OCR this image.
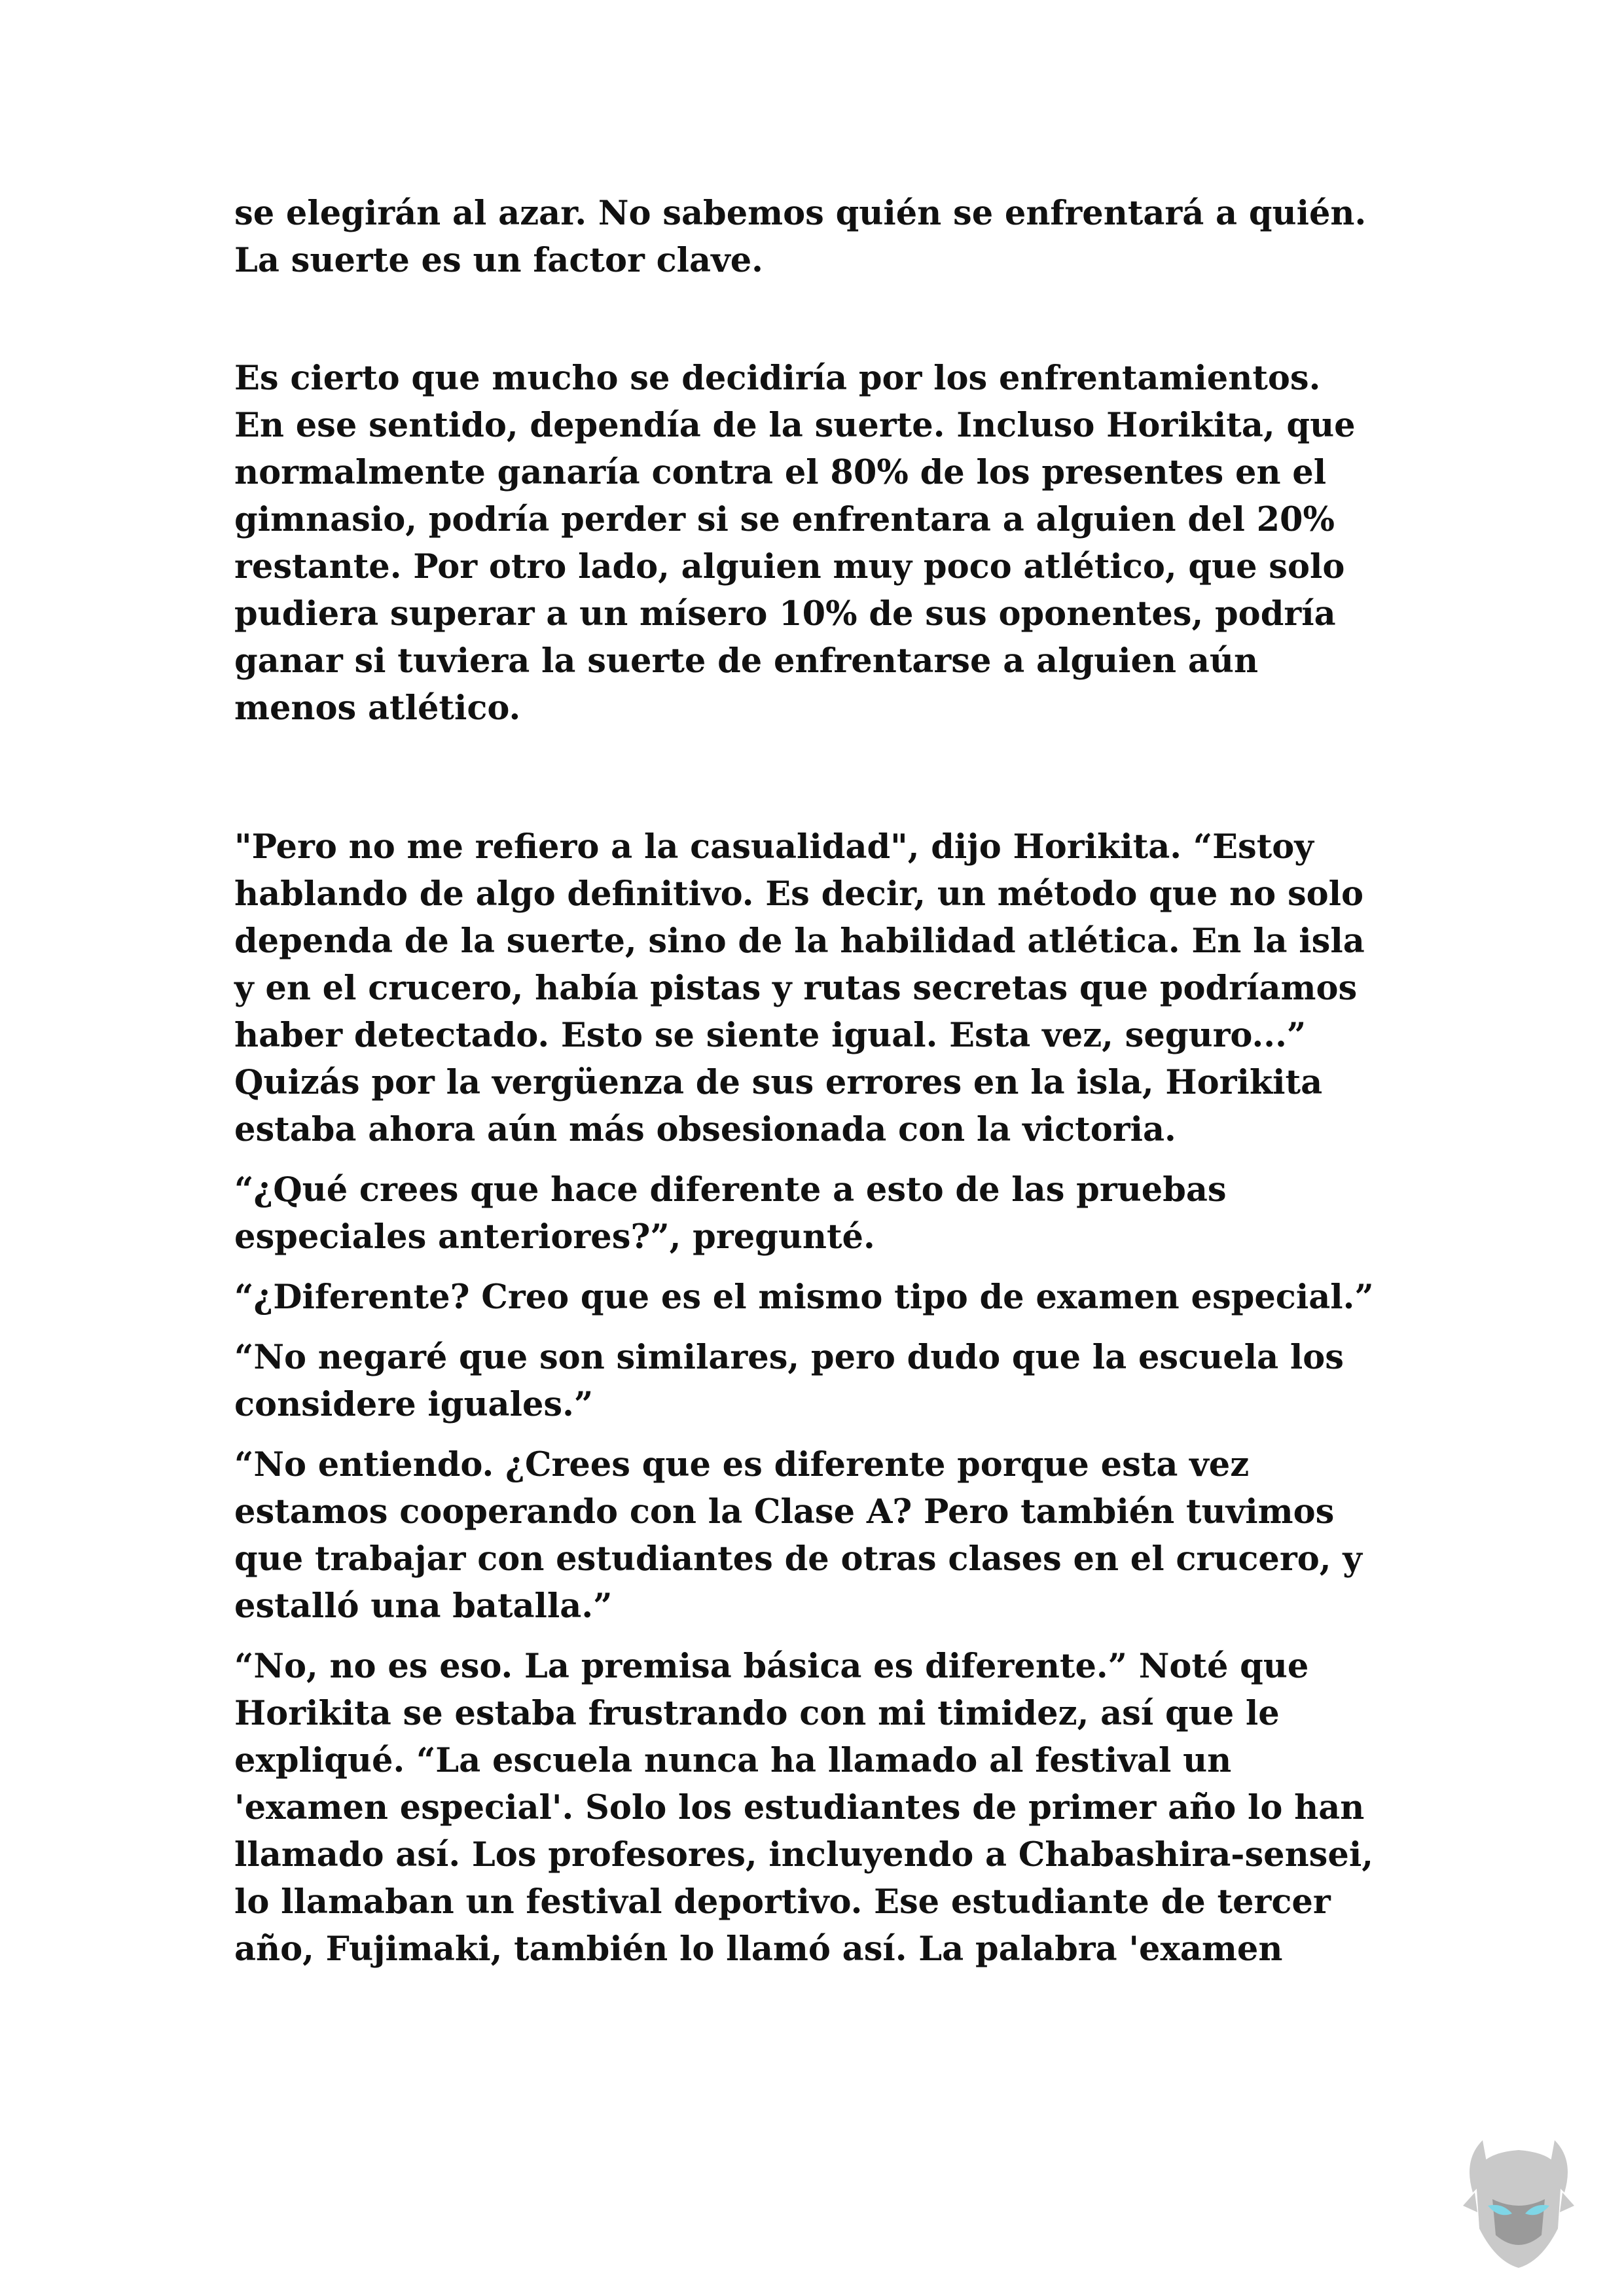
se elegirán al azar. No sabemos quién se enfrentará a quién.
La suerte es un factor clave.

Es cierto que mucho se decidiría por los enfrentamientos.
En ese sentido, dependía de la suerte. Incluso Horikita, que
normalmente ganaría contra el 80% de los presentes en el
gimnasio, podría perder si se enfrentara a alguien del 20%
restante. Por otro lado, alguien muy poco atlético, que solo
pudiera superar a un mísero 10% de sus oponentes, podría
ganar si tuviera la suerte de enfrentarse a alguien aún
menos atlético.

"Pero no me refiero a la casualidad", dijo Horikita. “Estoy
hablando de algo definitivo. Es decir, un método que no solo
dependa de la suerte, sino de la habilidad atlética. En la isla
y en el crucero, había pistas y rutas secretas que podríamos
haber detectado. Esto se siente igual. Esta vez, seguro...”
Quizás por la vergüenza de sus errores en la isla, Horikita
estaba ahora aún más obsesionada con la victoria.

“¿Qué crees que hace diferente a esto de las pruebas
especiales anteriores?”, pregunté.

“¿Diferente? Creo que es el mismo tipo de examen especial.”

“No negaré que son similares, pero dudo que la escuela los
considere iguales.”

“No entiendo. ¿Crees que es diferente porque esta vez
estamos cooperando con la Clase A? Pero también tuvimos
que trabajar con estudiantes de otras clases en el crucero, y
estalló una batalla.”

“No, no es eso. La premisa básica es diferente.” Noté que
Horikita se estaba frustrando con mi timidez, así que le
expliqué. “La escuela nunca ha llamado al festival un
'examen especial'. Solo los estudiantes de primer año lo han
llamado así. Los profesores, incluyendo a Chabashira-sensei,
lo llamaban un festival deportivo. Ese estudiante de tercer
año, Fujimaki, también lo llamó así. La palabra 'examen
